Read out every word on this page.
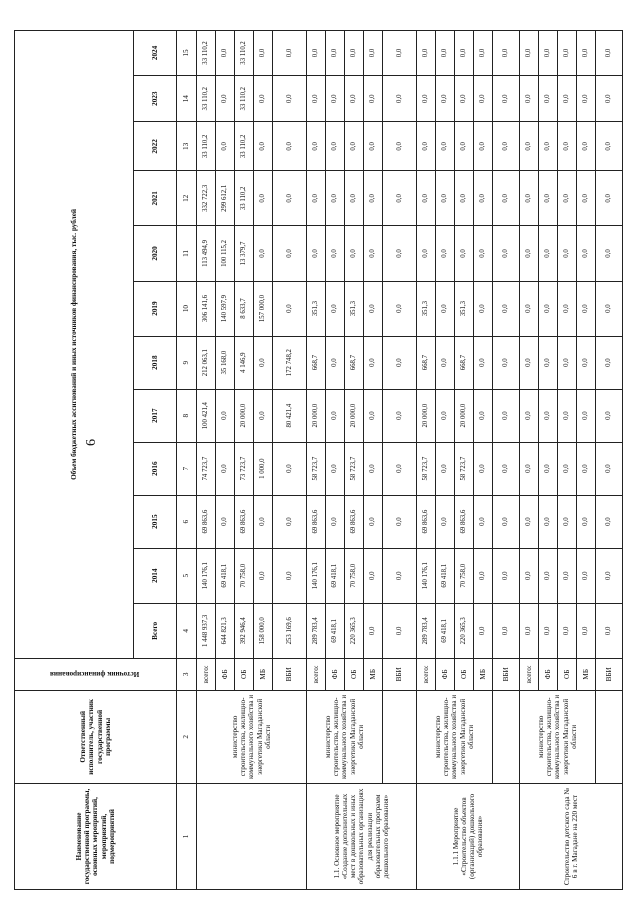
6
Наименование государственной программы, основных мероприятий, мероприятий, подмероприятий	Ответственный исполнитель, участник государственной программы	Источник финансирования	Объем бюджетных ассигнований и иных источников финансирования, тыс. рублей											
			Всего	2014	2015	2016	2017	2018	2019	2020	2021	2022	2023	2024
1	2	3	4	5	6	7	8	9	10	11	12	13	14	15
	министерство строительства, жилищно-коммунального хозяйства и энергетики Магаданской области	всего:	1 448 937,3	140 176,1	69 863,6	74 723,7	100 421,4	212 063,1	306 141,6	113 494,9	332 722,3	33 110,2	33 110,2	33 110,2
		ФБ	644 821,3	69 418,1	0,0	0,0	0,0	35 168,0	140 597,9	100 115,2	299 612,1	0,0	0,0	0,0
		ОБ	392 946,4	70 758,0	69 863,6	73 723,7	20 000,0	4 146,9	8 633,7	13 379,7	33 110,2	33 110,2	33 110,2	33 110,2
		МБ	158 000,0	0,0	0,0	1 000,0	0,0	0,0	157 000,0	0,0	0,0	0,0	0,0	0,0
		ВБИ	253 169,6	0,0	0,0	0,0	80 421,4	172 748,2	0,0	0,0	0,0	0,0	0,0	0,0
1.1. Основное мероприятие «Создание дополнительных мест в дошкольных и иных образовательных организациях для реализации образовательных программ дошкольного образования»	министерство строительства, жилищно-коммунального хозяйства и энергетики Магаданской области	всего:	289 783,4	140 176,1	69 863,6	58 723,7	20 000,0	668,7	351,3	0,0	0,0	0,0	0,0	0,0
		ФБ	69 418,1	69 418,1	0,0	0,0	0,0	0,0	0,0	0,0	0,0	0,0	0,0	0,0
		ОБ	220 365,3	70 758,0	69 863,6	58 723,7	20 000,0	668,7	351,3	0,0	0,0	0,0	0,0	0,0
		МБ	0,0	0,0	0,0	0,0	0,0	0,0	0,0	0,0	0,0	0,0	0,0	0,0
		ВБИ	0,0	0,0	0,0	0,0	0,0	0,0	0,0	0,0	0,0	0,0	0,0	0,0
1.1.1 Мероприятие «Строительство объектов (организаций) дошкольного образования»	министерство строительства, жилищно-коммунального хозяйства и энергетики Магаданской области	всего:	289 783,4	140 176,1	69 863,6	58 723,7	20 000,0	668,7	351,3	0,0	0,0	0,0	0,0	0,0
		ФБ	69 418,1	69 418,1	0,0	0,0	0,0	0,0	0,0	0,0	0,0	0,0	0,0	0,0
		ОБ	220 365,3	70 758,0	69 863,6	58 723,7	20 000,0	668,7	351,3	0,0	0,0	0,0	0,0	0,0
		МБ	0,0	0,0	0,0	0,0	0,0	0,0	0,0	0,0	0,0	0,0	0,0	0,0
		ВБИ	0,0	0,0	0,0	0,0	0,0	0,0	0,0	0,0	0,0	0,0	0,0	0,0
Строительство детского сада № 6 в г. Магадане на 220 мест	министерство строительства, жилищно-коммунального хозяйства и энергетики Магаданской области	всего:	0,0	0,0	0,0	0,0	0,0	0,0	0,0	0,0	0,0	0,0	0,0	0,0
		ФБ	0,0	0,0	0,0	0,0	0,0	0,0	0,0	0,0	0,0	0,0	0,0	0,0
		ОБ	0,0	0,0	0,0	0,0	0,0	0,0	0,0	0,0	0,0	0,0	0,0	0,0
		МБ	0,0	0,0	0,0	0,0	0,0	0,0	0,0	0,0	0,0	0,0	0,0	0,0
		ВБИ	0,0	0,0	0,0	0,0	0,0	0,0	0,0	0,0	0,0	0,0	0,0	0,0
